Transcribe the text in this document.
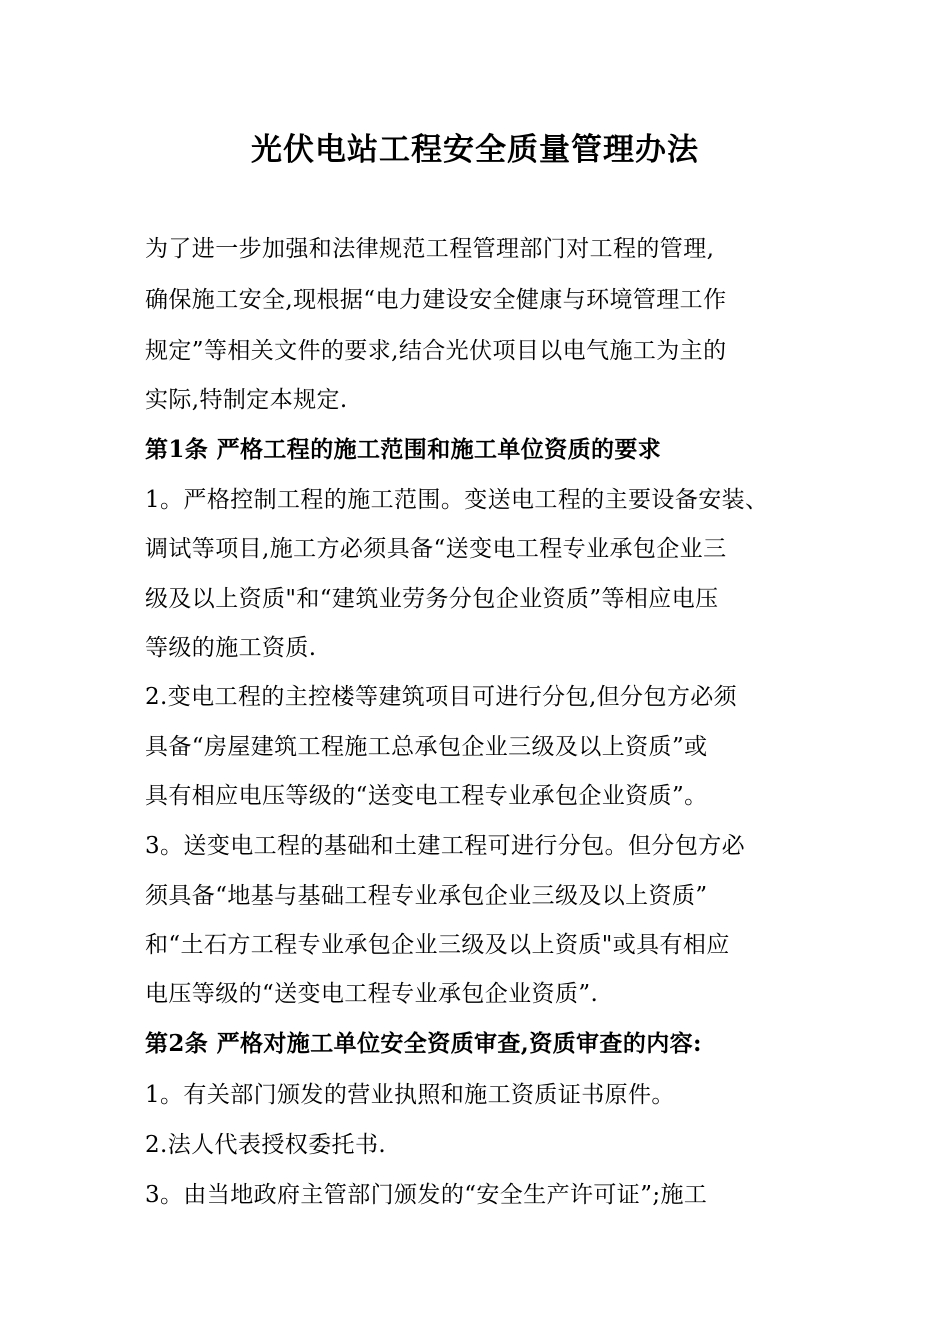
光伏电站工程安全质量管理办法
为了进一步加强和法律规范工程管理部门对工程的管理,
确保施工安全,现根据“电力建设安全健康与环境管理工作
规定”等相关文件的要求,结合光伏项目以电气施工为主的
实际,特制定本规定.
第1条 严格工程的施工范围和施工单位资质的要求
1。严格控制工程的施工范围。变送电工程的主要设备安装、
调试等项目,施工方必须具备“送变电工程专业承包企业三
级及以上资质"和“建筑业劳务分包企业资质”等相应电压
等级的施工资质.
2.变电工程的主控楼等建筑项目可进行分包,但分包方必须
具备“房屋建筑工程施工总承包企业三级及以上资质”或
具有相应电压等级的“送变电工程专业承包企业资质”。
3。送变电工程的基础和土建工程可进行分包。但分包方必
须具备“地基与基础工程专业承包企业三级及以上资质”
和“土石方工程专业承包企业三级及以上资质"或具有相应
电压等级的“送变电工程专业承包企业资质”.
第2条 严格对施工单位安全资质审查,资质审查的内容:
1。有关部门颁发的营业执照和施工资质证书原件。
2.法人代表授权委托书.
3。由当地政府主管部门颁发的“安全生产许可证”;施工
